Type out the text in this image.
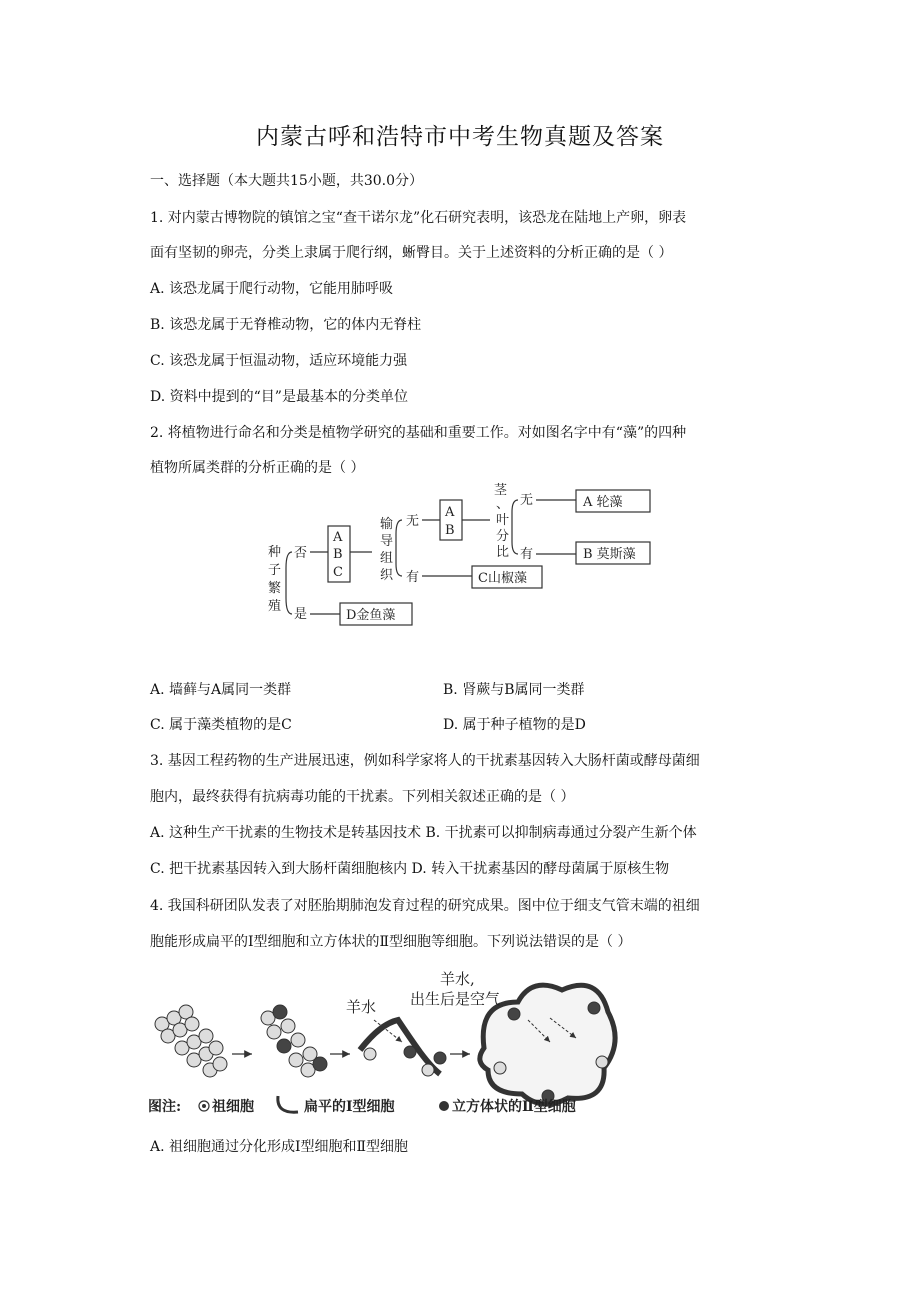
内蒙古呼和浩特市中考生物真题及答案
一、选择题（本大题共15小题，共30.0分）
1. 对内蒙古博物院的镇馆之宝“查干诺尔龙”化石研究表明，该恐龙在陆地上产卵，卵表
面有坚韧的卵壳，分类上隶属于爬行纲，蜥臀目。关于上述资料的分析正确的是（ ）
A. 该恐龙属于爬行动物，它能用肺呼吸
B. 该恐龙属于无脊椎动物，它的体内无脊柱
C. 该恐龙属于恒温动物，适应环境能力强
D. 资料中提到的“目”是最基本的分类单位
2. 将植物进行命名和分类是植物学研究的基础和重要工作。对如图名字中有“藻”的四种
植物所属类群的分析正确的是（ ）
种
子
繁
殖
否
是
A
B
C
输
导
组
织
无
有
A
B
茎
、
叶
分
比
无
有
A 轮藻
B 莫斯藻
C山椒藻
D金鱼藻
A. 墙藓与A属同一类群	B. 肾蕨与B属同一类群
C. 属于藻类植物的是C	D. 属于种子植物的是D
3. 基因工程药物的生产进展迅速，例如科学家将人的干扰素基因转入大肠杆菌或酵母菌细
胞内，最终获得有抗病毒功能的干扰素。下列相关叙述正确的是（ ）
A. 这种生产干扰素的生物技术是转基因技术 B. 干扰素可以抑制病毒通过分裂产生新个体
C. 把干扰素基因转入到大肠杆菌细胞核内 D. 转入干扰素基因的酵母菌属于原核生物
4. 我国科研团队发表了对胚胎期肺泡发育过程的研究成果。图中位于细支气管末端的祖细
胞能形成扁平的Ⅰ型细胞和立方体状的Ⅱ型细胞等细胞。下列说法错误的是（ ）
羊水
羊水,
出生后是空气
图注: 祖细胞	扁平的Ⅰ型细胞	立方体状的Ⅱ型细胞
A. 祖细胞通过分化形成Ⅰ型细胞和Ⅱ型细胞
